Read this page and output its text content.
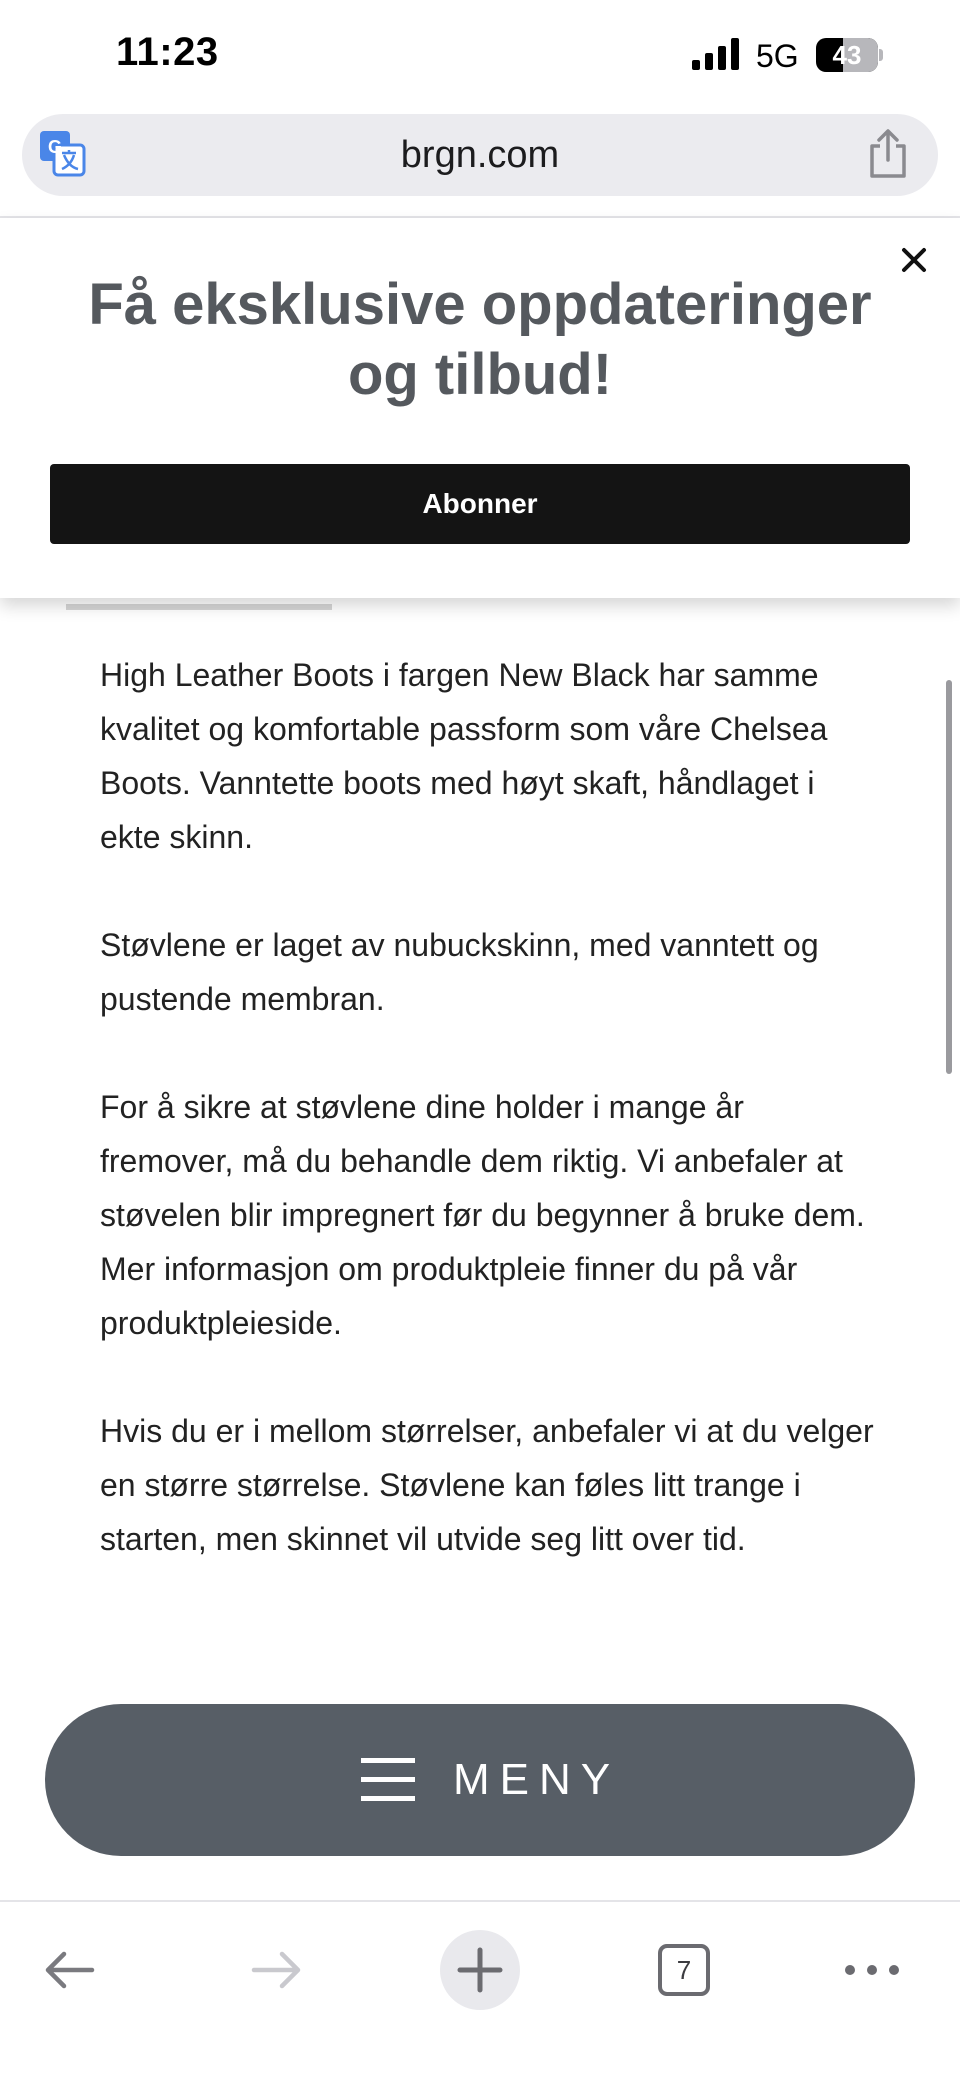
11:23	5G	43
G	brgn.com

High Leather Boots i fargen New Black har samme kvalitet og komfortable passform som våre Chelsea Boots. Vanntette boots med høyt skaft, håndlaget i ekte skinn.

Støvlene er laget av nubuckskinn, med vanntett og pustende membran.

For å sikre at støvlene dine holder i mange år fremover, må du behandle dem riktig. Vi anbefaler at støvelen blir impregnert før du begynner å bruke dem.
Mer informasjon om produktpleie finner du på vår produktpleieside.

Hvis du er i mellom størrelser, anbefaler vi at du velger en større størrelse. Støvlene kan føles litt trange i starten, men skinnet vil utvide seg litt over tid.

Få eksklusive oppdateringer og tilbud!
Abonner
MENY
7
